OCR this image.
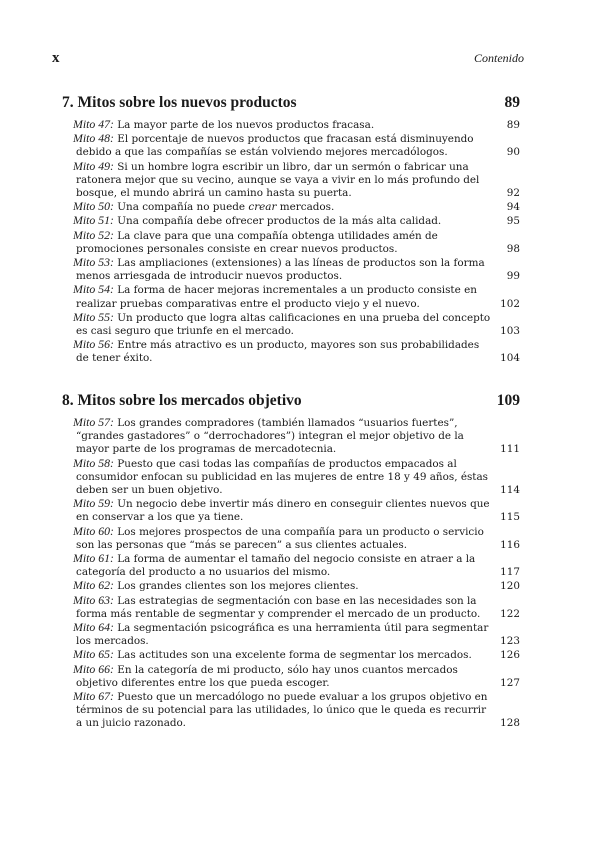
x	Contenido
7. Mitos sobre los nuevos productos	89
Mito 47: La mayor parte de los nuevos productos fracasa.	89
Mito 48: El porcentaje de nuevos productos que fracasan está disminuyendo debido a que las compañías se están volviendo mejores mercadólogos.	90
Mito 49: Si un hombre logra escribir un libro, dar un sermón o fabricar una ratonera mejor que su vecino, aunque se vaya a vivir en lo más profundo del bosque, el mundo abrirá un camino hasta su puerta.	92
Mito 50: Una compañía no puede crear mercados.	94
Mito 51: Una compañía debe ofrecer productos de la más alta calidad.	95
Mito 52: La clave para que una compañía obtenga utilidades amén de promociones personales consiste en crear nuevos productos.	98
Mito 53: Las ampliaciones (extensiones) a las líneas de productos son la forma menos arriesgada de introducir nuevos productos.	99
Mito 54: La forma de hacer mejoras incrementales a un producto consiste en realizar pruebas comparativas entre el producto viejo y el nuevo.	102
Mito 55: Un producto que logra altas calificaciones en una prueba del concepto es casi seguro que triunfe en el mercado.	103
Mito 56: Entre más atractivo es un producto, mayores son sus probabilidades de tener éxito.	104
8. Mitos sobre los mercados objetivo	109
Mito 57: Los grandes compradores (también llamados “usuarios fuertes”, “grandes gastadores” o “derrochadores”) integran el mejor objetivo de la mayor parte de los programas de mercadotecnia.	111
Mito 58: Puesto que casi todas las compañías de productos empacados al consumidor enfocan su publicidad en las mujeres de entre 18 y 49 años, éstas deben ser un buen objetivo.	114
Mito 59: Un negocio debe invertir más dinero en conseguir clientes nuevos que en conservar a los que ya tiene.	115
Mito 60: Los mejores prospectos de una compañía para un producto o servicio son las personas que “más se parecen” a sus clientes actuales.	116
Mito 61: La forma de aumentar el tamaño del negocio consiste en atraer a la categoría del producto a no usuarios del mismo.	117
Mito 62: Los grandes clientes son los mejores clientes.	120
Mito 63: Las estrategias de segmentación con base en las necesidades son la forma más rentable de segmentar y comprender el mercado de un producto. 122
Mito 64: La segmentación psicográfica es una herramienta útil para segmentar los mercados.	123
Mito 65: Las actitudes son una excelente forma de segmentar los mercados.	126
Mito 66: En la categoría de mi producto, sólo hay unos cuantos mercados objetivo diferentes entre los que pueda escoger.	127
Mito 67: Puesto que un mercadólogo no puede evaluar a los grupos objetivo en términos de su potencial para las utilidades, lo único que le queda es recurrir a un juicio razonado.	128
